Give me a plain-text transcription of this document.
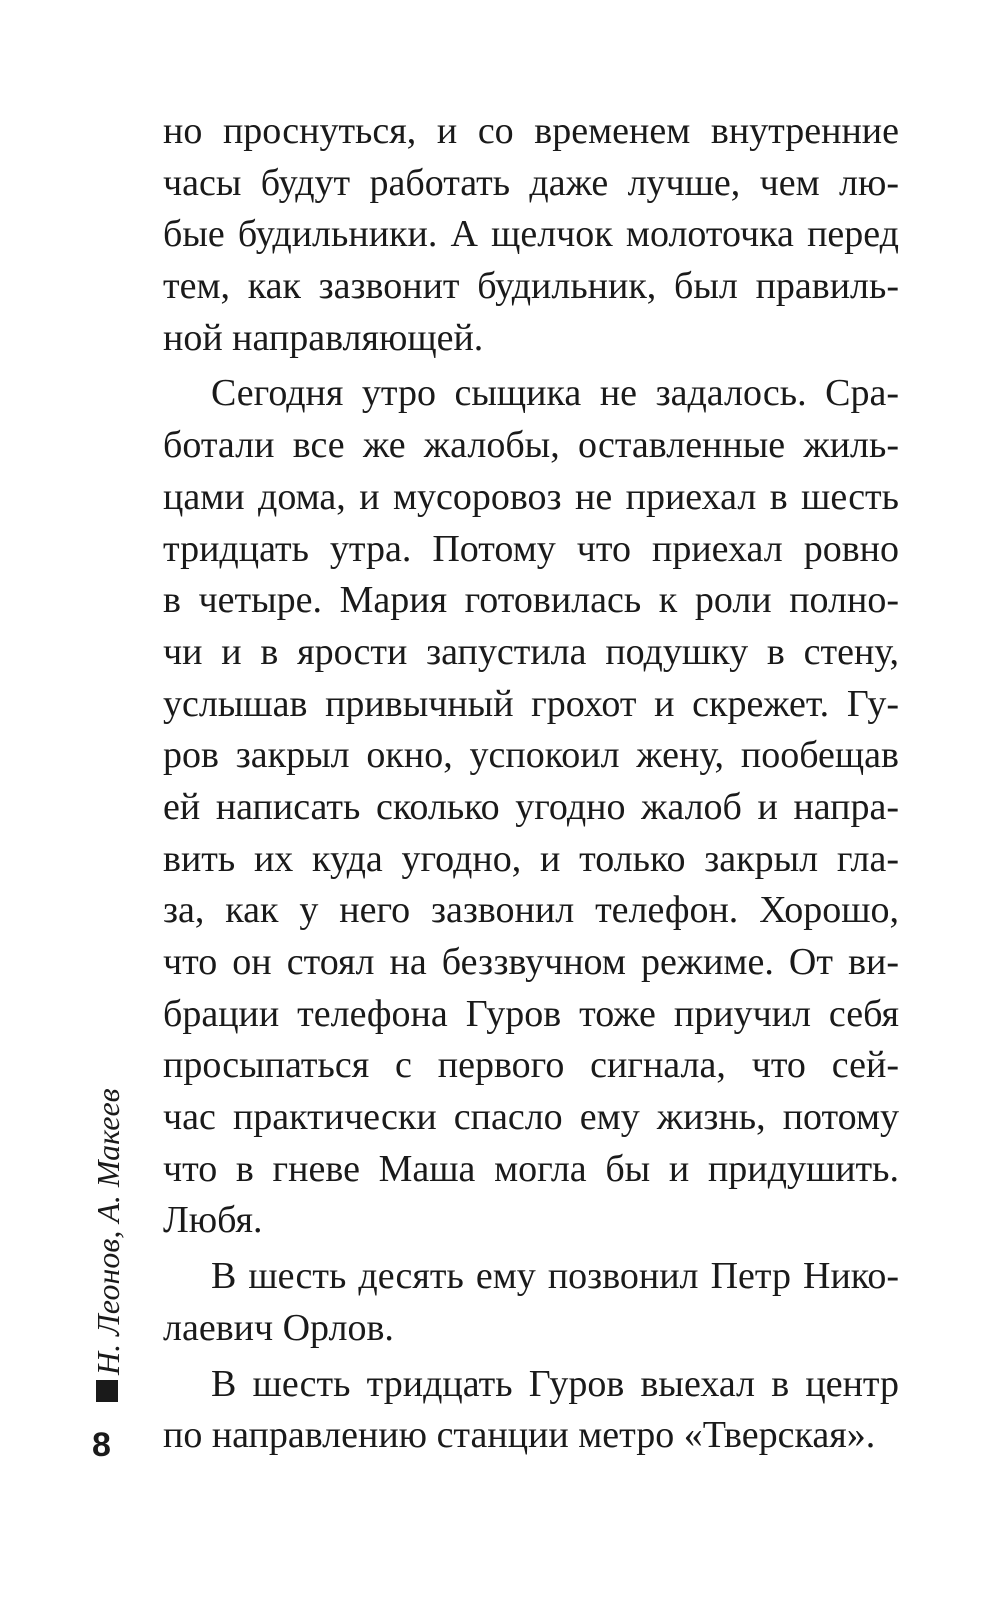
но проснуться, и со временем внутренние
часы будут работать даже лучше, чем лю-
бые будильники. А щелчок молоточка перед
тем, как зазвонит будильник, был правиль-
ной направляющей.
Сегодня утро сыщика не задалось. Сра-
ботали все же жалобы, оставленные жиль-
цами дома, и мусоровоз не приехал в шесть
тридцать утра. Потому что приехал ровно
в четыре. Мария готовилась к роли полно-
чи и в ярости запустила подушку в стену,
услышав привычный грохот и скрежет. Гу-
ров закрыл окно, успокоил жену, пообещав
ей написать сколько угодно жалоб и напра-
вить их куда угодно, и только закрыл гла-
за, как у него зазвонил телефон. Хорошо,
что он стоял на беззвучном режиме. От ви-
брации телефона Гуров тоже приучил себя
просыпаться с первого сигнала, что сей-
час практически спасло ему жизнь, потому
что в гневе Маша могла бы и придушить.
Любя.
В шесть десять ему позвонил Петр Нико-
лаевич Орлов.
В шесть тридцать Гуров выехал в центр
по направлению станции метро «Тверская».
Н. Леонов, А. Макеев
8
